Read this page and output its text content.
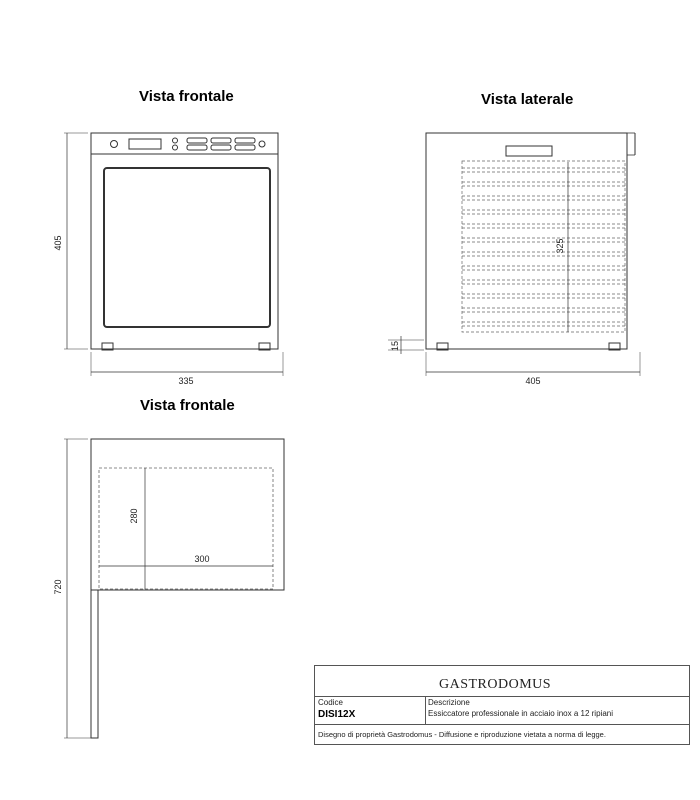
Vista frontale	Vista laterale
Vista frontale
405
335
325
15
405
280
300
720
GASTRODOMUS
Codice
DISI12X
Descrizione
Essiccatore professionale in acciaio inox a 12 ripiani
Disegno di proprietà Gastrodomus - Diffusione e riproduzione vietata a norma di legge.
